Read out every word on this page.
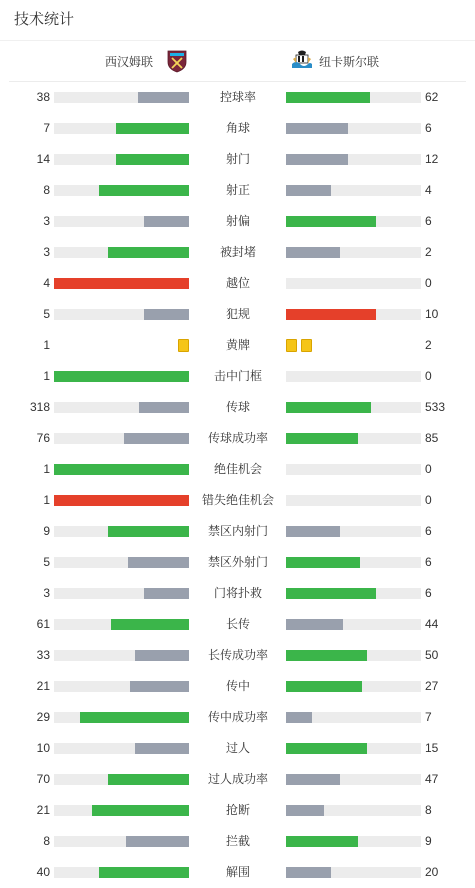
技术统计
西汉姆联	纽卡斯尔联
38	控球率	62
7	角球	6
14	射门	12
8	射正	4
3	射偏	6
3	被封堵	2
4	越位	0
5	犯规	10
1	黄牌	2
1	击中门框	0
318	传球	533
76	传球成功率	85
1	绝佳机会	0
1	错失绝佳机会	0
9	禁区内射门	6
5	禁区外射门	6
3	门将扑救	6
61	长传	44
33	长传成功率	50
21	传中	27
29	传中成功率	7
10	过人	15
70	过人成功率	47
21	抢断	8
8	拦截	9
40	解围	20
